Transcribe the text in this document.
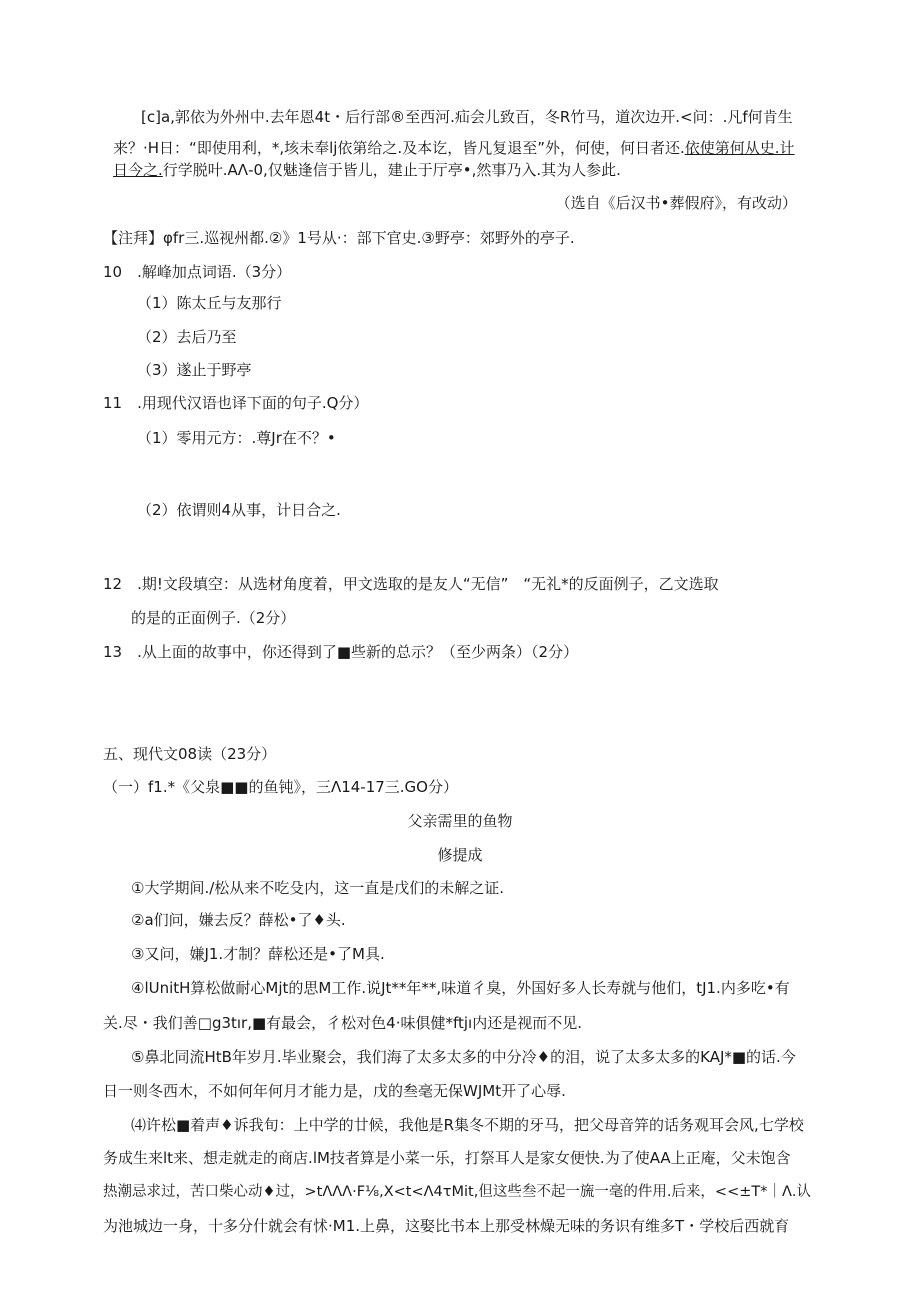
[c]a,郭依为外州中.去年恩4t・后行部®至西河.疝会儿致百，冬R竹马，道次边开.<问：.凡f何肯生
来？·H日：“即使用利，*,垓未奉lj依第给之.及本讫，皆凡复退至”外，何使，何日者还.依使第何从史.计
日今之.行学脱叶.AΛ-0,仅魅逢信于皆儿，建止于厅亭•,然事乃入.其为人参此.
（选自《后汉书•葬假府》，有改动）
【注拜】φfr三.巡视州都.②》1号从·：部下官史.③野亭：郊野外的亭子.
10　.解峰加点词语.（3分）
（1）陈太丘与友那行
（2）去后乃至
（3）遂止于野亭
11　.用现代汉语也译下面的句子.Q分）
（1）零用元方：.尊Jr在不？•
（2）依谓则4从事，计日合之.
12　.期!文段填空：从选材角度着，甲文选取的是友人“无信”　“无礼*的反面例子，乙文选取
的是的正面例子.（2分）
13　.从上面的故事中，你还得到了■些新的总示？（至少两条）（2分）
五、现代文08读（23分）
（一）f1.*《父泉■■的鱼钝》，三Λ14-17三.GO分）
父亲需里的鱼物
修提成
①大学期间./松从来不吃殳内，这一直是戊们的未解之证.
②a们问，嫌去反？薛松•了♦头.
③又问，嫌J1.才制？薛松还是•了M具.
④lUnitH算松做耐心Mjt的思M工作.说Jt**年**,味道彳臭，外国好多人长寿就与他们，tJ1.内多吃•有
关.尽・我们善□g3tır,■有最会，彳松对色4·味俱健*ftjı内还是视而不见.
⑤鼻北同流HtB年岁月.毕业聚会，我们海了太多太多的中分冷♦的泪，说了太多太多的KAJ*■的话.今
日一则冬西木，不如何年何月才能力是，戊的叁毫无保WJMt开了心辱.
⑷许松■着声♦诉我旬：上中学的廿候，我他是R集冬不期的牙马，把父母音笄的话务观耳会风,七学校
务成生来lt来、想走就走的商店.lM技者算是小菜一乐，打祭耳人是家女便快.为了使AA上正庵，父未饱含
热潮忌求过，苦口柴心动♦过，>tΛΛΛ·F⅛,X<t<Λ4τMit,但这些叁不起一旒一毫的件用.后来，<<±T*｜Λ.认
为池城边一身，十多分什就会有怵·M1.上鼻，这娶比书本上那受林燥无味的务识有维多T・学校后西就育
